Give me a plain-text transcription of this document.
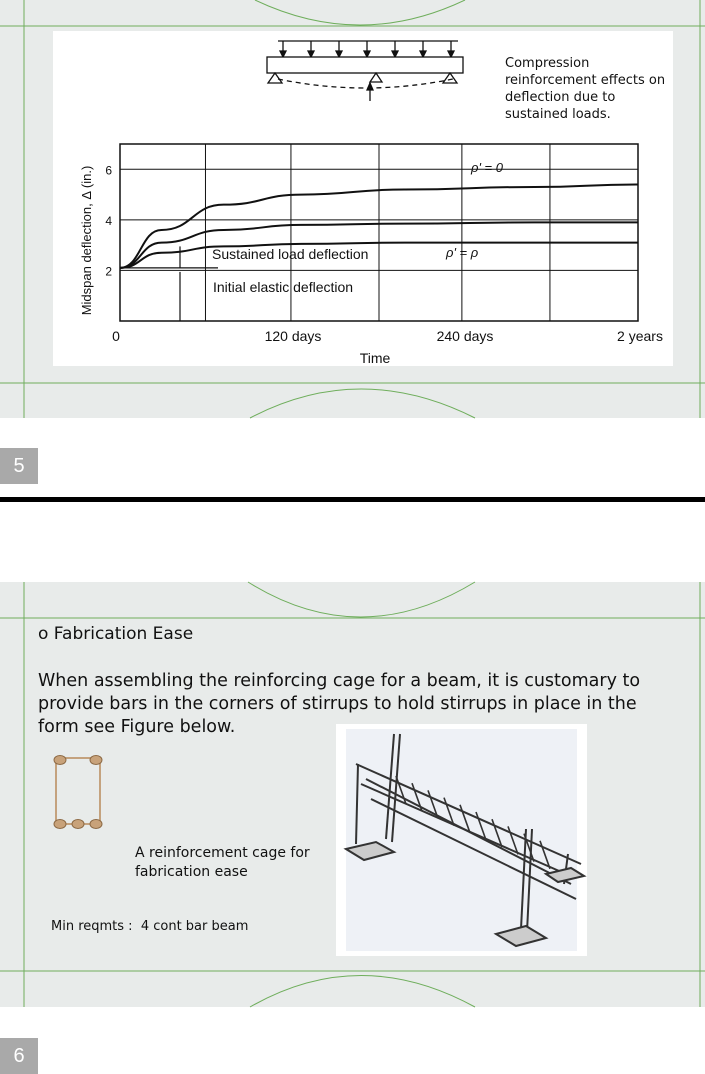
2
4
6
0	120 days	240 days	2 years
Time
Midspan deflection, Δ (in.)	ρ' = 0
ρ' = ρ
Sustained load deflection
Initial elastic deflection
Compression reinforcement effects on deflection due to sustained loads.
5
o Fabrication Ease
When assembling the reinforcing cage for a beam, it is customary to provide bars in the corners of stirrups to hold stirrups in place in the form see Figure below.
A reinforcement cage for fabrication ease
Min reqmts :  4 cont bar beam
6
